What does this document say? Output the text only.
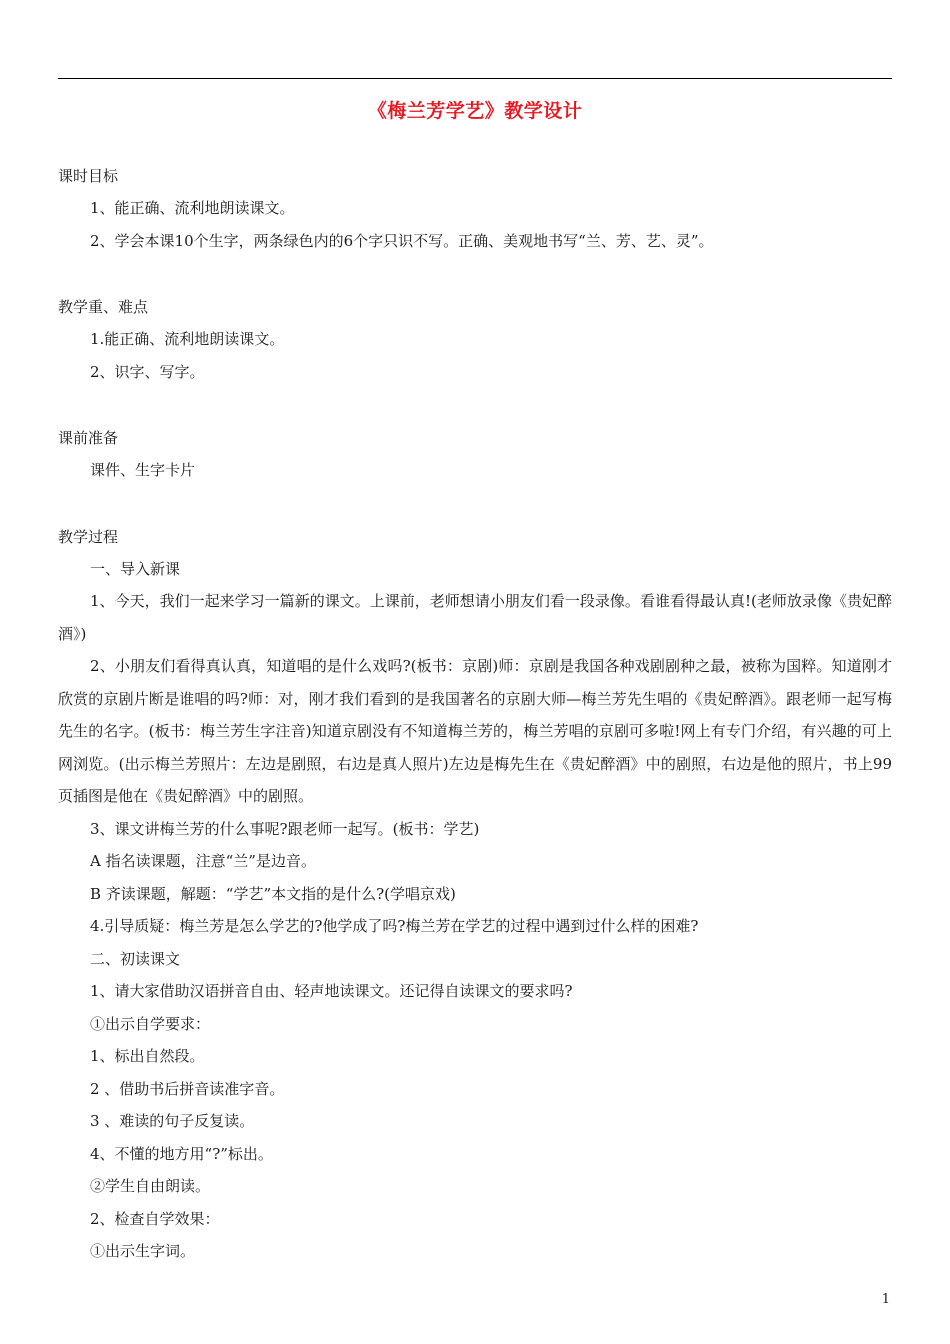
《梅兰芳学艺》教学设计
课时目标
1、能正确、流利地朗读课文。
2、学会本课10个生字，两条绿色内的6个字只识不写。正确、美观地书写“兰、芳、艺、灵”。
教学重、难点
1.能正确、流利地朗读课文。
2、识字、写字。
课前准备
课件、生字卡片
教学过程
一、导入新课
1、今天，我们一起来学习一篇新的课文。上课前，老师想请小朋友们看一段录像。看谁看得最认真!(老师放录像《贵妃醉酒》)
2、小朋友们看得真认真，知道唱的是什么戏吗?(板书：京剧)师：京剧是我国各种戏剧剧种之最，被称为国粹。知道刚才欣赏的京剧片断是谁唱的吗?师：对，刚才我们看到的是我国著名的京剧大师—梅兰芳先生唱的《贵妃醉酒》。跟老师一起写梅先生的名字。(板书：梅兰芳生字注音)知道京剧没有不知道梅兰芳的，梅兰芳唱的京剧可多啦!网上有专门介绍，有兴趣的可上网浏览。(出示梅兰芳照片：左边是剧照，右边是真人照片)左边是梅先生在《贵妃醉酒》中的剧照，右边是他的照片，书上99页插图是他在《贵妃醉酒》中的剧照。
3、课文讲梅兰芳的什么事呢?跟老师一起写。(板书：学艺)
A 指名读课题，注意“兰”是边音。
B 齐读课题，解题：“学艺”本文指的是什么?(学唱京戏)
4.引导质疑：梅兰芳是怎么学艺的?他学成了吗?梅兰芳在学艺的过程中遇到过什么样的困难?
二、初读课文
1、请大家借助汉语拼音自由、轻声地读课文。还记得自读课文的要求吗?
①出示自学要求：
1、标出自然段。
2 、借助书后拼音读准字音。
3 、难读的句子反复读。
4、不懂的地方用“?”标出。
②学生自由朗读。
2、检查自学效果：
①出示生字词。
1
